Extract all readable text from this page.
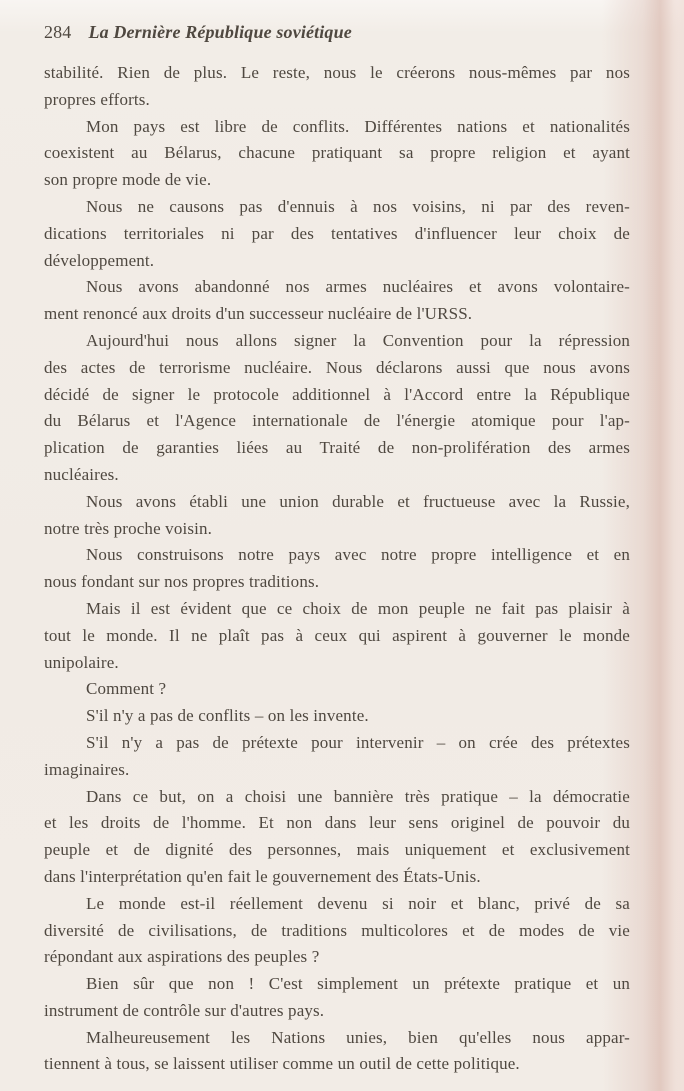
284 La Dernière République soviétique
stabilité. Rien de plus. Le reste, nous le créerons nous-mêmes par nos
propres efforts.
Mon pays est libre de conflits. Différentes nations et nationalités
coexistent au Bélarus, chacune pratiquant sa propre religion et ayant
son propre mode de vie.
Nous ne causons pas d'ennuis à nos voisins, ni par des reven-
dications territoriales ni par des tentatives d'influencer leur choix de
développement.
Nous avons abandonné nos armes nucléaires et avons volontaire-
ment renoncé aux droits d'un successeur nucléaire de l'URSS.
Aujourd'hui nous allons signer la Convention pour la répression
des actes de terrorisme nucléaire. Nous déclarons aussi que nous avons
décidé de signer le protocole additionnel à l'Accord entre la République
du Bélarus et l'Agence internationale de l'énergie atomique pour l'ap-
plication de garanties liées au Traité de non-prolifération des armes
nucléaires.
Nous avons établi une union durable et fructueuse avec la Russie,
notre très proche voisin.
Nous construisons notre pays avec notre propre intelligence et en
nous fondant sur nos propres traditions.
Mais il est évident que ce choix de mon peuple ne fait pas plaisir à
tout le monde. Il ne plaît pas à ceux qui aspirent à gouverner le monde
unipolaire.
Comment ?
S'il n'y a pas de conflits – on les invente.
S'il n'y a pas de prétexte pour intervenir – on crée des prétextes
imaginaires.
Dans ce but, on a choisi une bannière très pratique – la démocratie
et les droits de l'homme. Et non dans leur sens originel de pouvoir du
peuple et de dignité des personnes, mais uniquement et exclusivement
dans l'interprétation qu'en fait le gouvernement des États-Unis.
Le monde est-il réellement devenu si noir et blanc, privé de sa
diversité de civilisations, de traditions multicolores et de modes de vie
répondant aux aspirations des peuples ?
Bien sûr que non ! C'est simplement un prétexte pratique et un
instrument de contrôle sur d'autres pays.
Malheureusement les Nations unies, bien qu'elles nous appar-
tiennent à tous, se laissent utiliser comme un outil de cette politique.
